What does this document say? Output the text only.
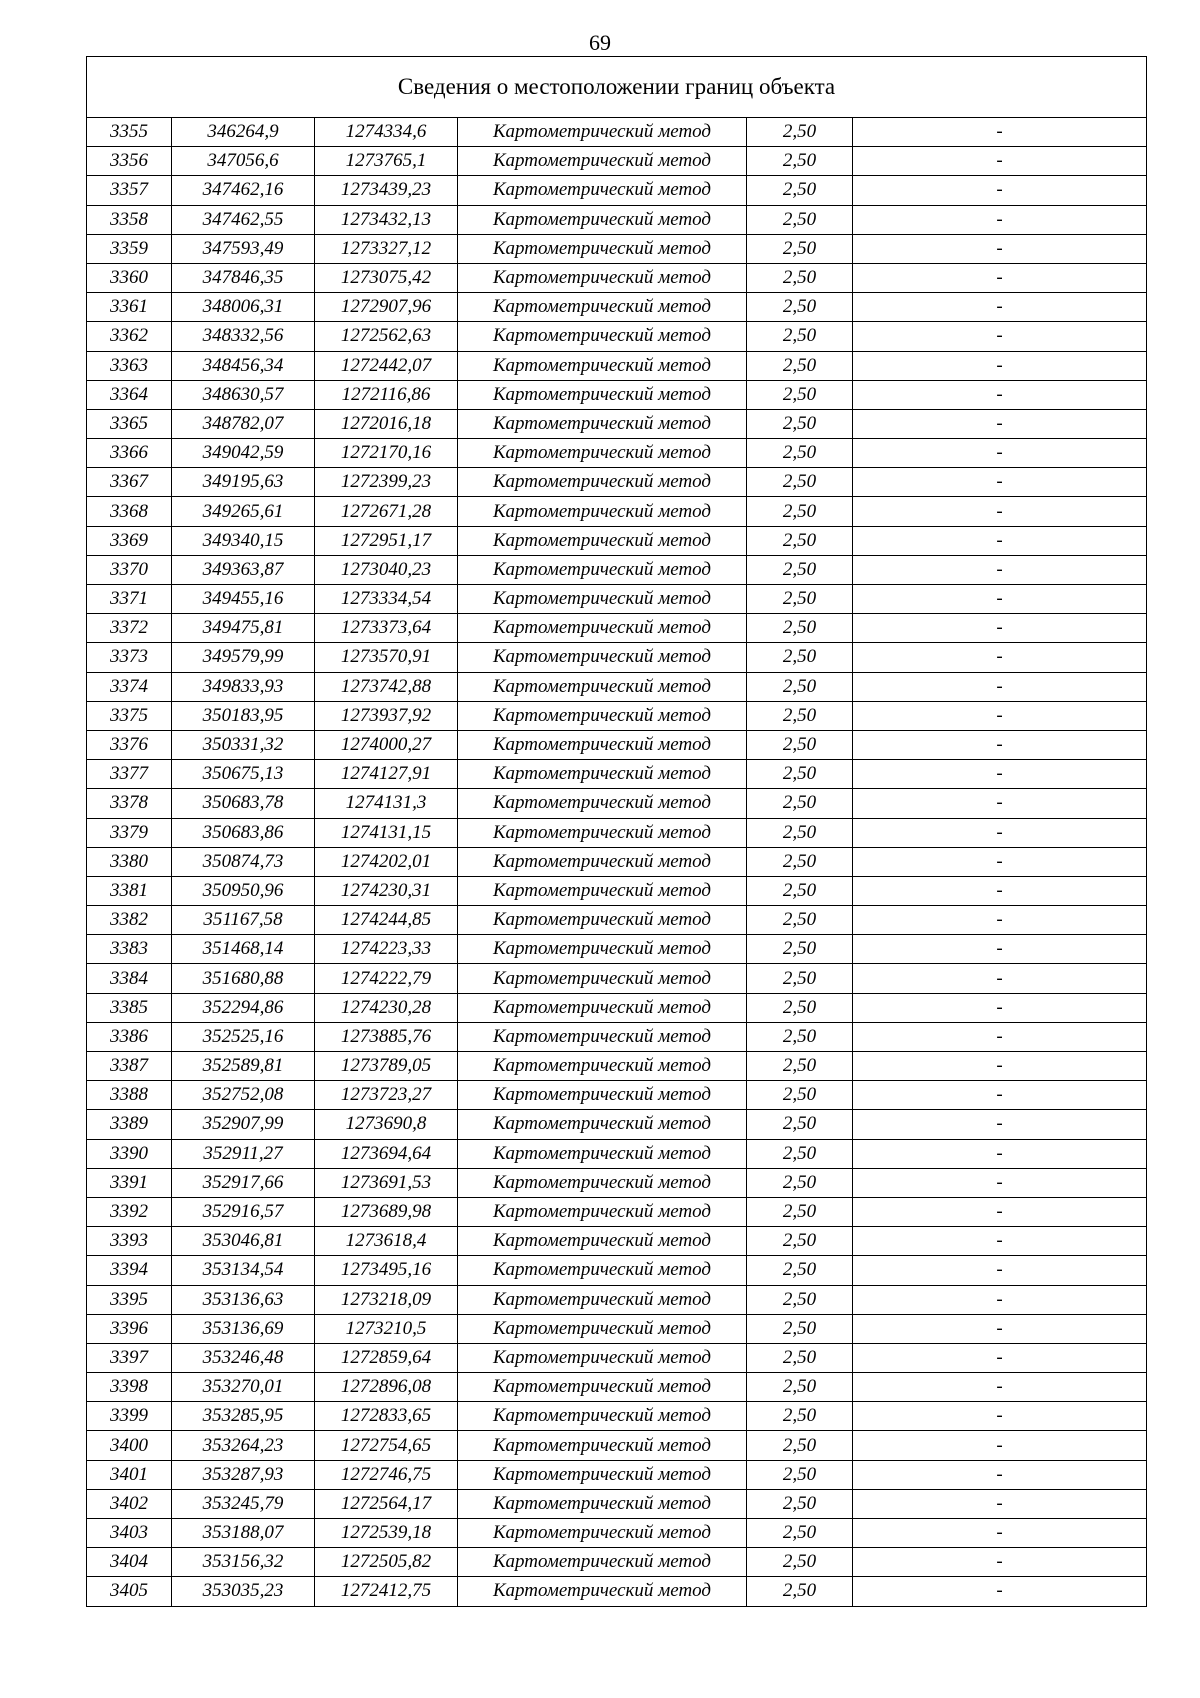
69
Сведения о местоположении границ объекта					
3355	346264,9	1274334,6	Картометрический метод	2,50	-
3356	347056,6	1273765,1	Картометрический метод	2,50	-
3357	347462,16	1273439,23	Картометрический метод	2,50	-
3358	347462,55	1273432,13	Картометрический метод	2,50	-
3359	347593,49	1273327,12	Картометрический метод	2,50	-
3360	347846,35	1273075,42	Картометрический метод	2,50	-
3361	348006,31	1272907,96	Картометрический метод	2,50	-
3362	348332,56	1272562,63	Картометрический метод	2,50	-
3363	348456,34	1272442,07	Картометрический метод	2,50	-
3364	348630,57	1272116,86	Картометрический метод	2,50	-
3365	348782,07	1272016,18	Картометрический метод	2,50	-
3366	349042,59	1272170,16	Картометрический метод	2,50	-
3367	349195,63	1272399,23	Картометрический метод	2,50	-
3368	349265,61	1272671,28	Картометрический метод	2,50	-
3369	349340,15	1272951,17	Картометрический метод	2,50	-
3370	349363,87	1273040,23	Картометрический метод	2,50	-
3371	349455,16	1273334,54	Картометрический метод	2,50	-
3372	349475,81	1273373,64	Картометрический метод	2,50	-
3373	349579,99	1273570,91	Картометрический метод	2,50	-
3374	349833,93	1273742,88	Картометрический метод	2,50	-
3375	350183,95	1273937,92	Картометрический метод	2,50	-
3376	350331,32	1274000,27	Картометрический метод	2,50	-
3377	350675,13	1274127,91	Картометрический метод	2,50	-
3378	350683,78	1274131,3	Картометрический метод	2,50	-
3379	350683,86	1274131,15	Картометрический метод	2,50	-
3380	350874,73	1274202,01	Картометрический метод	2,50	-
3381	350950,96	1274230,31	Картометрический метод	2,50	-
3382	351167,58	1274244,85	Картометрический метод	2,50	-
3383	351468,14	1274223,33	Картометрический метод	2,50	-
3384	351680,88	1274222,79	Картометрический метод	2,50	-
3385	352294,86	1274230,28	Картометрический метод	2,50	-
3386	352525,16	1273885,76	Картометрический метод	2,50	-
3387	352589,81	1273789,05	Картометрический метод	2,50	-
3388	352752,08	1273723,27	Картометрический метод	2,50	-
3389	352907,99	1273690,8	Картометрический метод	2,50	-
3390	352911,27	1273694,64	Картометрический метод	2,50	-
3391	352917,66	1273691,53	Картометрический метод	2,50	-
3392	352916,57	1273689,98	Картометрический метод	2,50	-
3393	353046,81	1273618,4	Картометрический метод	2,50	-
3394	353134,54	1273495,16	Картометрический метод	2,50	-
3395	353136,63	1273218,09	Картометрический метод	2,50	-
3396	353136,69	1273210,5	Картометрический метод	2,50	-
3397	353246,48	1272859,64	Картометрический метод	2,50	-
3398	353270,01	1272896,08	Картометрический метод	2,50	-
3399	353285,95	1272833,65	Картометрический метод	2,50	-
3400	353264,23	1272754,65	Картометрический метод	2,50	-
3401	353287,93	1272746,75	Картометрический метод	2,50	-
3402	353245,79	1272564,17	Картометрический метод	2,50	-
3403	353188,07	1272539,18	Картометрический метод	2,50	-
3404	353156,32	1272505,82	Картометрический метод	2,50	-
3405	353035,23	1272412,75	Картометрический метод	2,50	-
